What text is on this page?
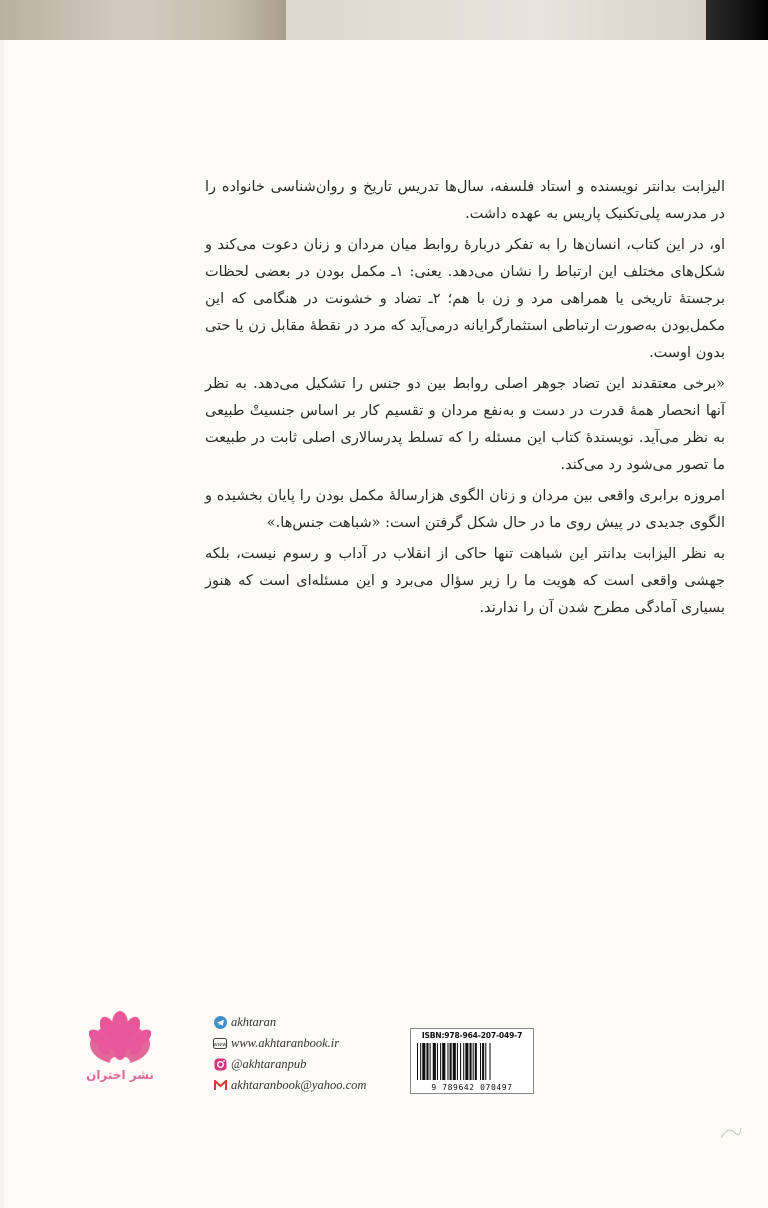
الیزابت بدانتر نویسنده و استاد فلسفه، سال‌ها تدریس تاریخ و روان‌شناسی خانواده را در مدرسه پلی‌تکنیک پاریس به عهده داشت.

او، در این کتاب، انسان‌ها را به تفکر دربارهٔ روابط میان مردان و زنان دعوت می‌کند و شکل‌های مختلف این ارتباط را نشان می‌دهد. یعنی: ۱ـ مکمل بودن در بعضی لحظات برجستهٔ تاریخی یا همراهی مرد و زن با هم؛ ۲ـ تضاد و خشونت در هنگامی که این مکمل‌بودن به‌صورت ارتباطی استثمارگرایانه درمی‌آید که مرد در نقطهٔ مقابل زن یا حتی بدون اوست.

«برخی معتقدند این تضاد جوهر اصلی روابط بین دو جنس را تشکیل می‌دهد. به نظر آنها انحصار همهٔ قدرت در دست و به‌نفع مردان و تقسیم کار بر اساس جنسیتْ طبیعی به نظر می‌آید. نویسندهٔ کتاب این مسئله را که تسلط پدرسالاری اصلی ثابت در طبیعت ما تصور می‌شود رد می‌کند.

امروزه برابری واقعی بین مردان و زنان الگوی هزارسالهٔ مکمل بودن را پایان بخشیده و الگوی جدیدی در پیش روی ما در حال شکل گرفتن است: «شباهت جنس‌ها.»

به نظر الیزابت بدانتر این شباهت تنها حاکی از انقلاب در آداب و رسوم نیست، بلکه جهشی واقعی است که هویت ما را زیر سؤال می‌برد و این مسئله‌ای است که هنوز بسیاری آمادگی مطرح شدن آن را ندارند.

نشر اختران
akhtaran
www www.akhtaranbook.ir
@akhtaranpub
akhtaranbook@yahoo.com
ISBN:978-964-207-049-7
9 789642 070497
